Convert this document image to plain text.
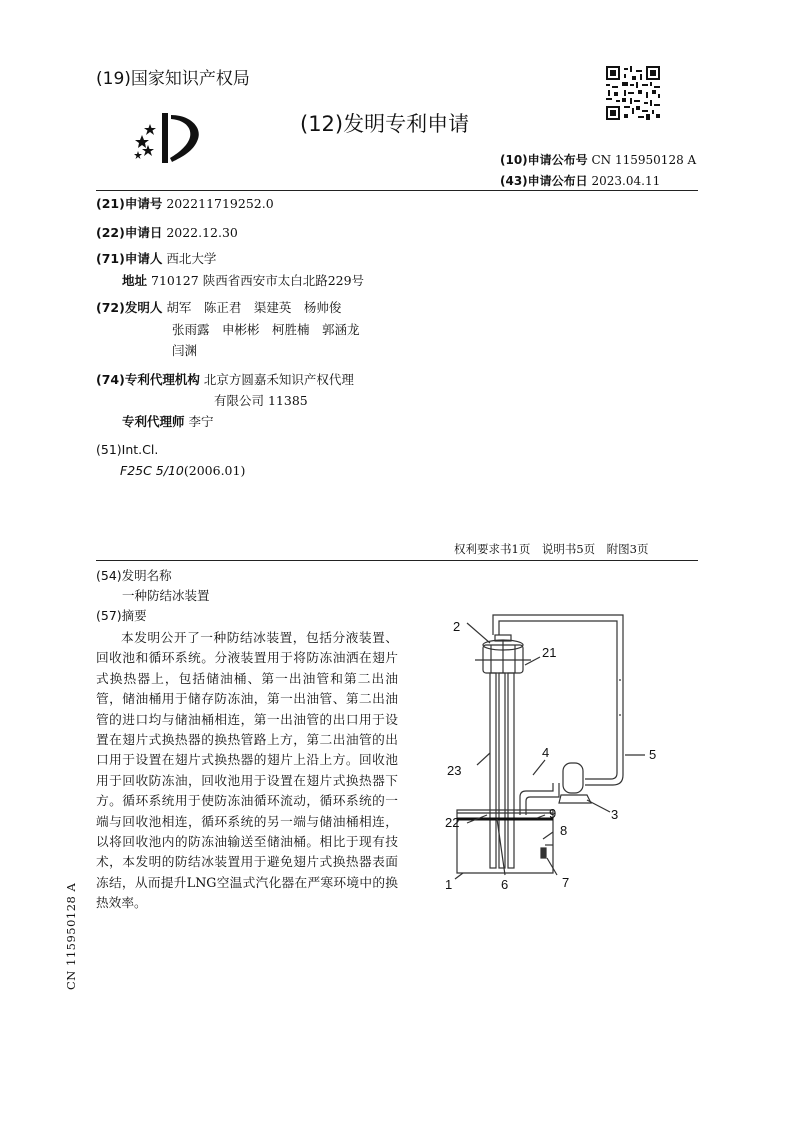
(19)国家知识产权局
(12)发明专利申请
(10)申请公布号 CN 115950128 A
(43)申请公布日 2023.04.11
(21)申请号 202211719252.0
(22)申请日 2022.12.30
(71)申请人 西北大学
地址 710127 陕西省西安市太白北路229号
(72)发明人 胡军　陈正君　渠建英　杨帅俊
张雨露　申彬彬　柯胜楠　郭涵龙
闫渊
(74)专利代理机构 北京方圆嘉禾知识产权代理
有限公司 11385
专利代理师 李宁
(51)Int.Cl.
F25C 5/10(2006.01)
权利要求书1页　说明书5页　附图3页
(54)发明名称
一种防结冰装置
(57)摘要
本发明公开了一种防结冰装置，包括分液装置、回收池和循环系统。分液装置用于将防冻油洒在翅片式换热器上，包括储油桶、第一出油管和第二出油管，储油桶用于储存防冻油，第一出油管、第二出油管的进口均与储油桶相连，第一出油管的出口用于设置在翅片式换热器的换热管路上方，第二出油管的出口用于设置在翅片式换热器的翅片上沿上方。回收池用于回收防冻油，回收池用于设置在翅片式换热器下方。循环系统用于使防冻油循环流动，循环系统的一端与回收池相连，循环系统的另一端与储油桶相连，以将回收池内的防冻油输送至储油桶。相比于现有技术，本发明的防结冰装置用于避免翅片式换热器表面冻结，从而提升LNG空温式汽化器在严寒环境中的换热效率。
2
21
23
4	5
3
22
9
8
7
6
1
CN 115950128 A
